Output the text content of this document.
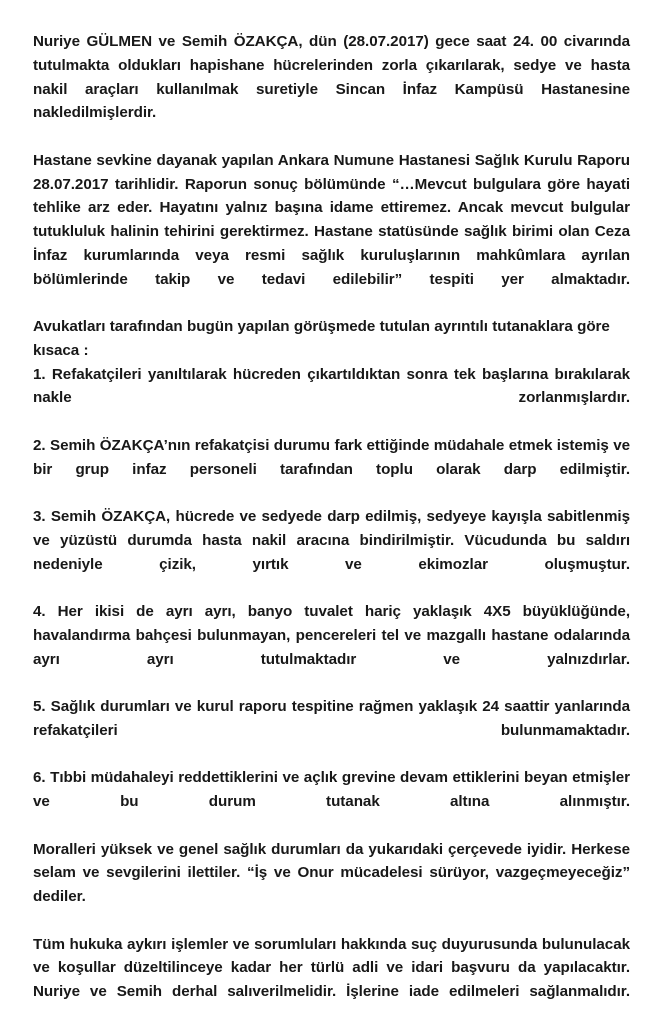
Nuriye GÜLMEN ve Semih ÖZAKÇA, dün (28.07.2017) gece saat 24. 00 civarında tutulmakta oldukları hapishane hücrelerinden zorla çıkarılarak, sedye ve hasta nakil araçları kullanılmak suretiyle Sincan İnfaz Kampüsü Hastanesine nakledilmişlerdir.

Hastane sevkine dayanak yapılan Ankara Numune Hastanesi Sağlık Kurulu Raporu 28.07.2017 tarihlidir. Raporun sonuç bölümünde “…Mevcut bulgulara göre hayati tehlike arz eder. Hayatını yalnız başına idame ettiremez. Ancak mevcut bulgular tutukluluk halinin tehirini gerektirmez. Hastane statüsünde sağlık birimi olan Ceza İnfaz kurumlarında veya resmi sağlık kuruluşlarının mahkûmlara ayrılan bölümlerinde takip ve tedavi edilebilir” tespiti yer almaktadır.

Avukatları tarafından bugün yapılan görüşmede tutulan ayrıntılı tutanaklara göre kısaca :

1. Refakatçileri yanıltılarak hücreden çıkartıldıktan sonra tek başlarına bırakılarak nakle zorlanmışlardır.

2. Semih ÖZAKÇA’nın refakatçisi durumu fark ettiğinde müdahale etmek istemiş ve bir grup infaz personeli tarafından toplu olarak darp edilmiştir.

3. Semih ÖZAKÇA, hücrede ve sedyede darp edilmiş, sedyeye kayışla sabitlenmiş ve yüzüstü durumda hasta nakil aracına bindirilmiştir. Vücudunda bu saldırı nedeniyle çizik, yırtık ve ekimozlar oluşmuştur.

4. Her ikisi de ayrı ayrı, banyo tuvalet hariç yaklaşık 4X5 büyüklüğünde, havalandırma bahçesi bulunmayan, pencereleri tel ve mazgallı hastane odalarında ayrı ayrı tutulmaktadır ve yalnızdırlar.

5. Sağlık durumları ve kurul raporu tespitine rağmen yaklaşık 24 saattir yanlarında refakatçileri bulunmamaktadır.

6. Tıbbi müdahaleyi reddettiklerini ve açlık grevine devam ettiklerini beyan etmişler ve bu durum tutanak altına alınmıştır.

Moralleri yüksek ve genel sağlık durumları da yukarıdaki çerçevede iyidir. Herkese selam ve sevgilerini ilettiler. “İş ve Onur mücadelesi sürüyor, vazgeçmeyeceğiz” dediler.

Tüm hukuka aykırı işlemler ve sorumluları hakkında suç duyurusunda bulunulacak ve koşullar düzeltilinceye kadar her türlü adli ve idari başvuru da yapılacaktır. Nuriye ve Semih derhal salıverilmelidir. İşlerine iade edilmeleri sağlanmalıdır.
